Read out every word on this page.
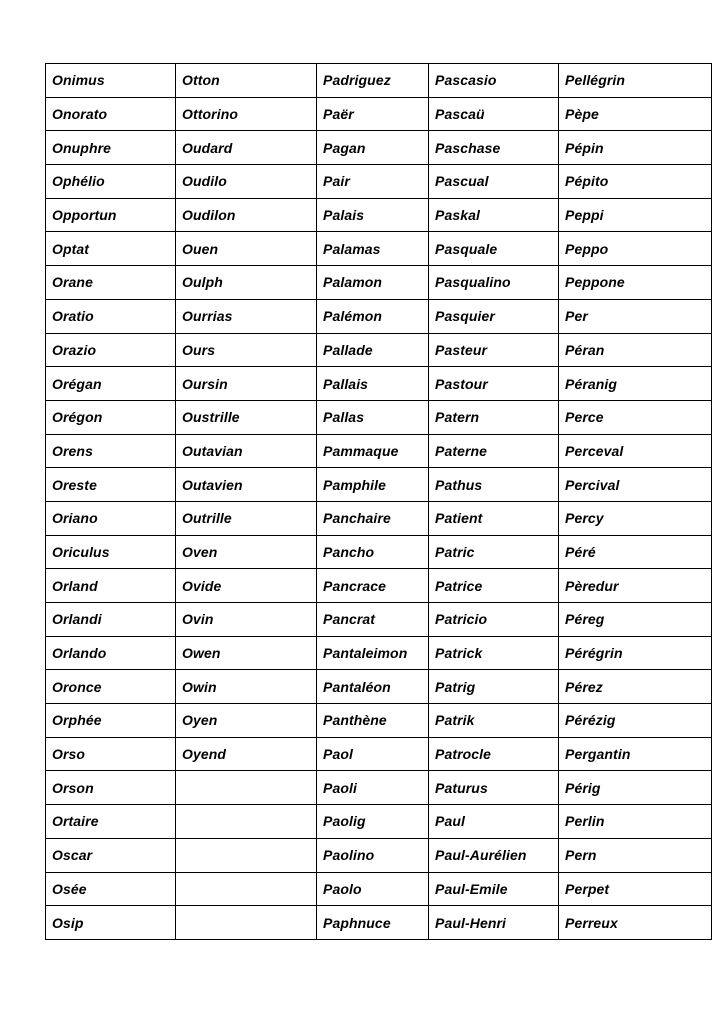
Onimus	Otton	Padriguez	Pascasio	Pellégrin
Onorato	Ottorino	Paër	Pascaü	Pèpe
Onuphre	Oudard	Pagan	Paschase	Pépin
Ophélio	Oudilo	Pair	Pascual	Pépito
Opportun	Oudilon	Palais	Paskal	Peppi
Optat	Ouen	Palamas	Pasquale	Peppo
Orane	Oulph	Palamon	Pasqualino	Peppone
Oratio	Ourrias	Palémon	Pasquier	Per
Orazio	Ours	Pallade	Pasteur	Péran
Orégan	Oursin	Pallais	Pastour	Péranig
Orégon	Oustrille	Pallas	Patern	Perce
Orens	Outavian	Pammaque	Paterne	Perceval
Oreste	Outavien	Pamphile	Pathus	Percival
Oriano	Outrille	Panchaire	Patient	Percy
Oriculus	Oven	Pancho	Patric	Péré
Orland	Ovide	Pancrace	Patrice	Pèredur
Orlandi	Ovin	Pancrat	Patricio	Péreg
Orlando	Owen	Pantaleimon	Patrick	Pérégrin
Oronce	Owin	Pantaléon	Patrig	Pérez
Orphée	Oyen	Panthène	Patrik	Pérézig
Orso	Oyend	Paol	Patrocle	Pergantin
Orson		Paoli	Paturus	Périg
Ortaire		Paolig	Paul	Perlin
Oscar		Paolino	Paul-Aurélien	Pern
Osée		Paolo	Paul-Emile	Perpet
Osip		Paphnuce	Paul-Henri	Perreux
